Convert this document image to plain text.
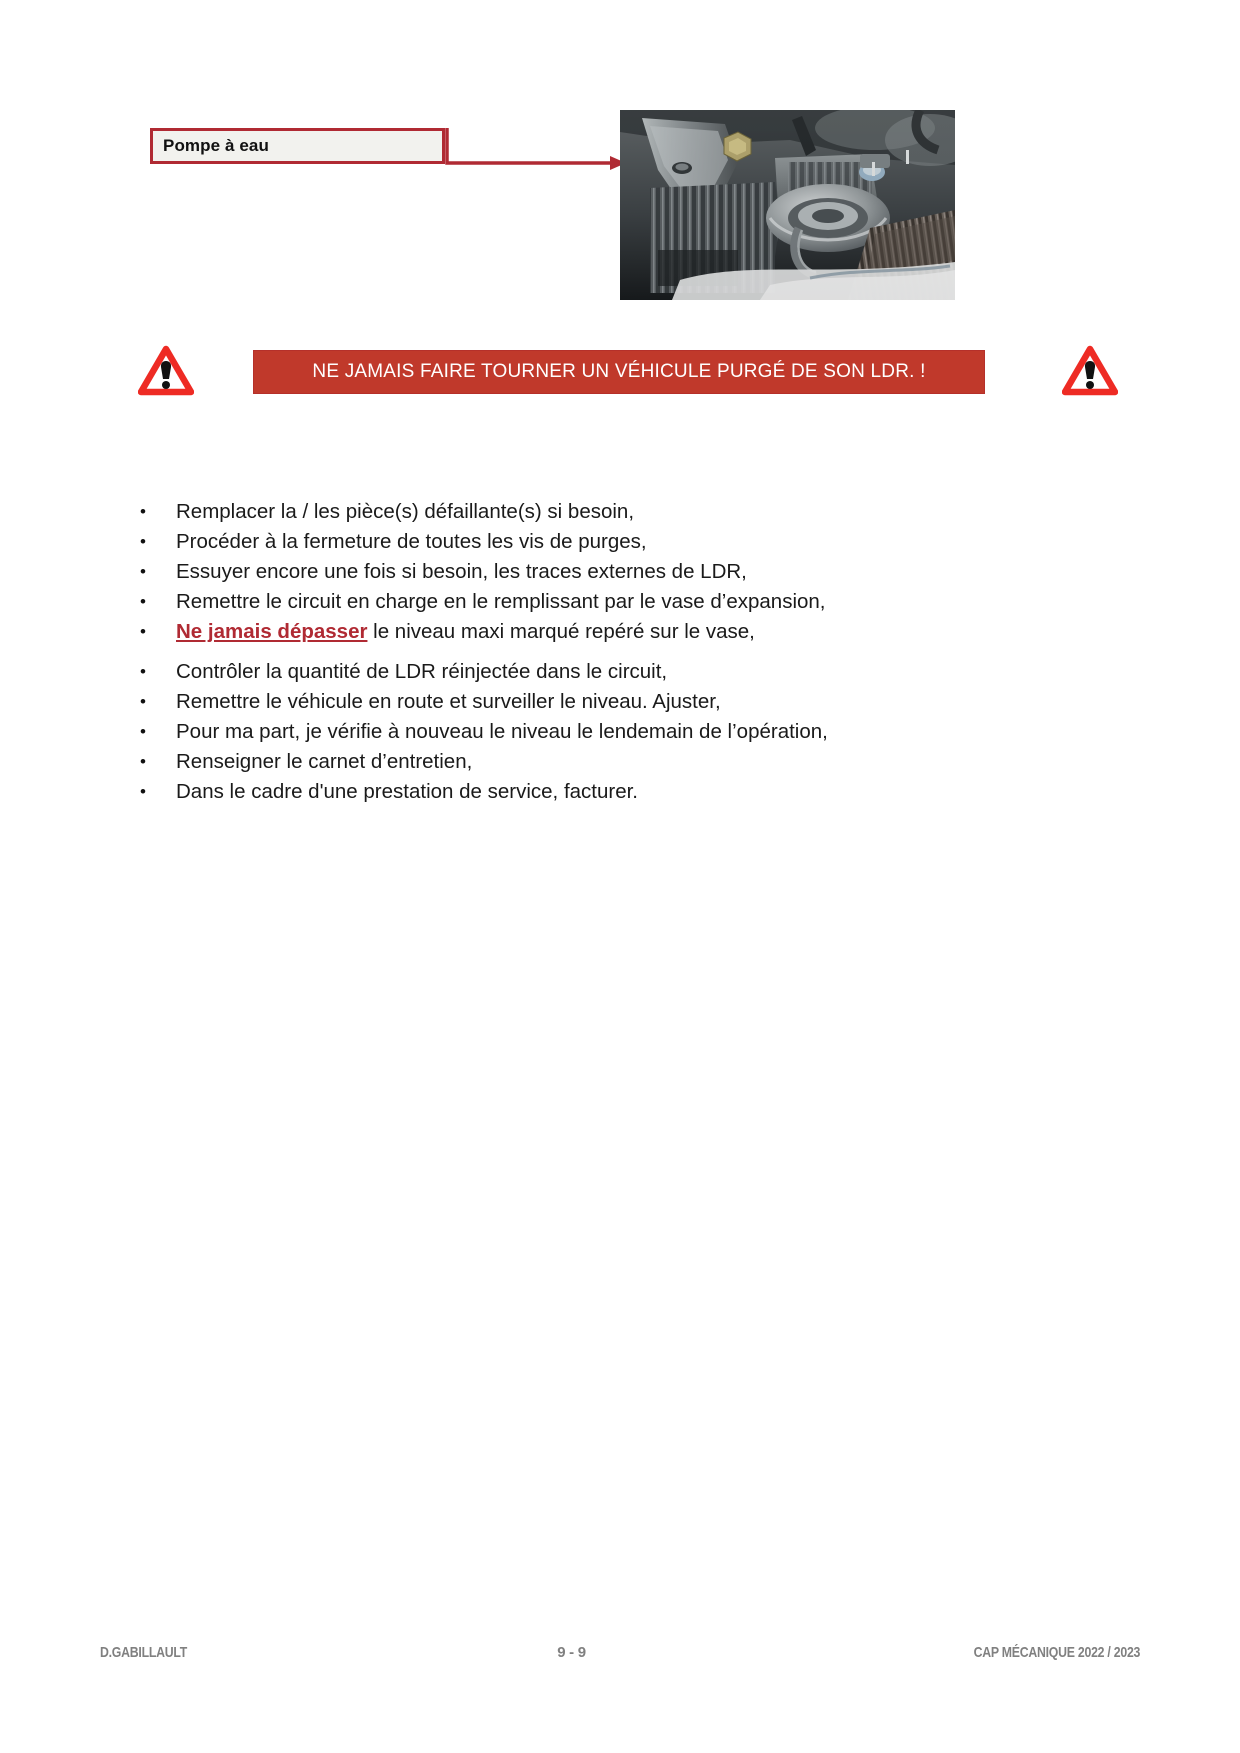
Pompe à eau
NE JAMAIS FAIRE TOURNER UN VÉHICULE PURGÉ DE SON LDR. !
•	Remplacer la / les pièce(s) défaillante(s) si besoin,
•	Procéder à la fermeture de toutes les vis de purges,
•	Essuyer encore une fois si besoin, les traces externes de LDR,
•	Remettre le circuit en charge en le remplissant par le vase d’expansion,
•	Ne jamais dépasser le niveau maxi marqué repéré sur le vase,
•	Contrôler la quantité de LDR réinjectée dans le circuit,
•	Remettre le véhicule en route et surveiller le niveau. Ajuster,
•	Pour ma part, je vérifie à nouveau le niveau le lendemain de l’opération,
•	Renseigner le carnet d’entretien,
•	Dans le cadre d'une prestation de service, facturer.
D.GABILLAULT	9 - 9	CAP MÉCANIQUE 2022 / 2023
